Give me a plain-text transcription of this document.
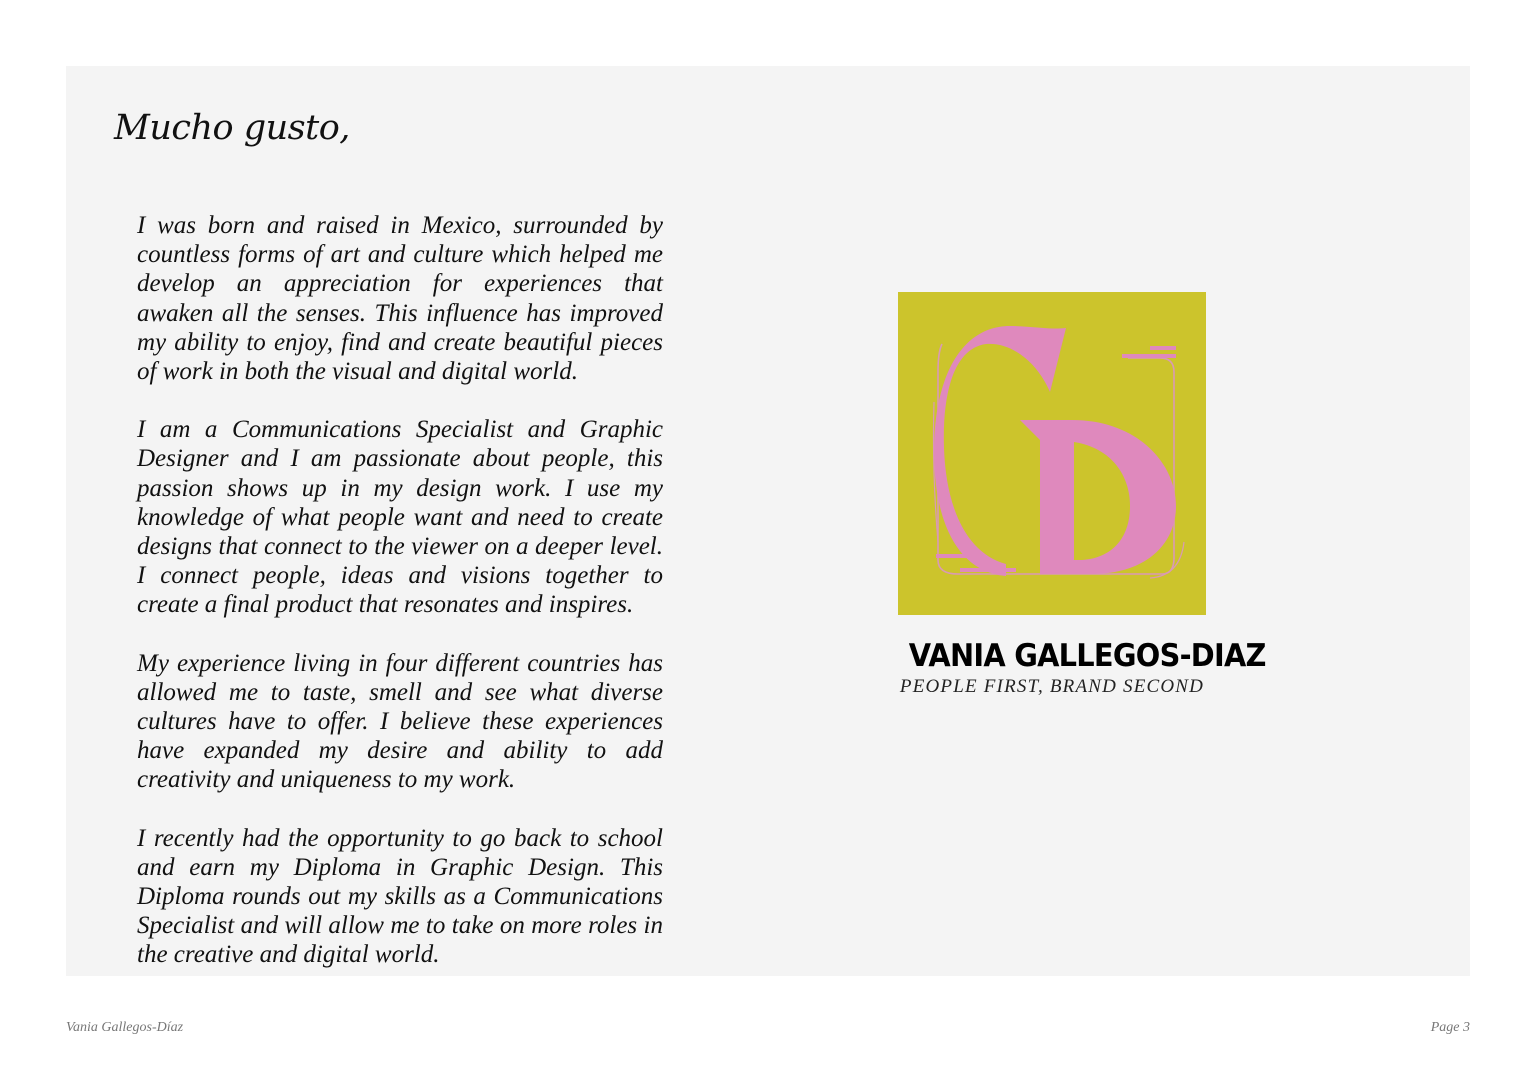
Mucho gusto,

I was born and raised in Mexico, surrounded by countless forms of art and culture which helped me develop an appreciation for experiences that awaken all the senses. This influence has improved my ability to enjoy, find and create beautiful pieces of work in both the visual and digital world.

I am a Communications Specialist and Graphic Designer and I am passionate about people, this passion shows up in my design work. I use my knowledge of what people want and need to create designs that connect to the viewer on a deeper level. I connect people, ideas and visions together to create a final product that resonates and inspires.

My experience living in four different countries has allowed me to taste, smell and see what diverse cultures have to offer. I believe these experiences have expanded my desire and ability to add creativity and uniqueness to my work.

I recently had the opportunity to go back to school and earn my Diploma in Graphic Design. This Diploma rounds out my skills as a Communications Specialist and will allow me to take on more roles in the creative and digital world.

VANIA GALLEGOS-DIAZ

PEOPLE FIRST, BRAND SECOND

Vania Gallegos-Díaz	Page 3
